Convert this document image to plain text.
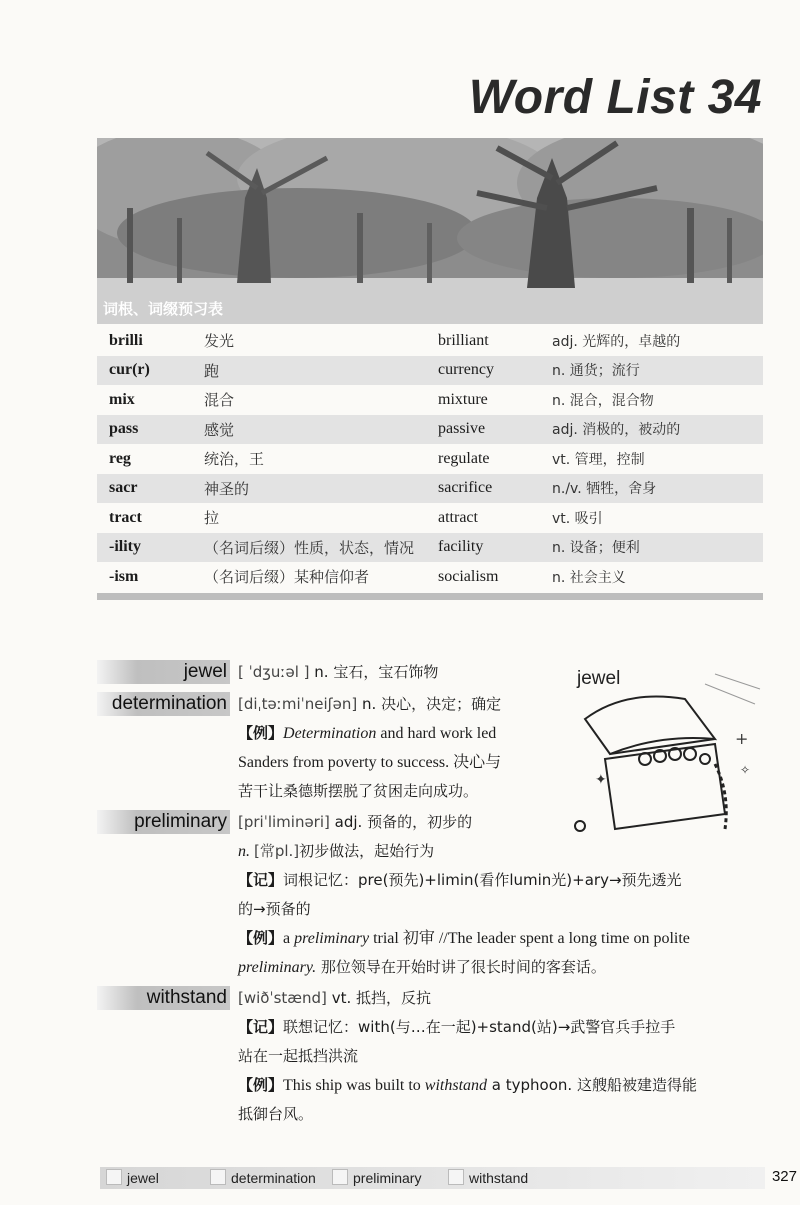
Word List 34
词根、词缀预习表
brilli	发光	brilliant	adj. 光辉的，卓越的
cur(r)	跑	currency	n. 通货；流行
mix	混合	mixture	n. 混合，混合物
pass	感觉	passive	adj. 消极的，被动的
reg	统治，王	regulate	vt. 管理，控制
sacr	神圣的	sacrifice	n./v. 牺牲，舍身
tract	拉	attract	vt. 吸引
-ility	（名词后缀）性质，状态，情况	facility	n. 设备；便利
-ism	（名词后缀）某种信仰者	socialism	n. 社会主义
jewel [ ˈdʒuːəl ] n. 宝石，宝石饰物
determination [diˌtəːmiˈneiʃən] n. 决心，决定；确定
【例】Determination and hard work led
Sanders from poverty to success. 决心与
苦干让桑德斯摆脱了贫困走向成功。
jewel
+
✦
✧
preliminary [priˈliminəri] adj. 预备的，初步的
n. [常pl.]初步做法，起始行为
【记】词根记忆：pre(预先)+limin(看作lumin光)+ary→预先透光
的→预备的
【例】a preliminary trial 初审 //The leader spent a long time on polite
preliminary. 那位领导在开始时讲了很长时间的客套话。
withstand [wiðˈstænd] vt. 抵挡，反抗
【记】联想记忆：with(与…在一起)+stand(站)→武警官兵手拉手
站在一起抵挡洪流
【例】This ship was built to withstand a typhoon. 这艘船被建造得能
抵御台风。
jewel	determination	preliminary	withstand	327
